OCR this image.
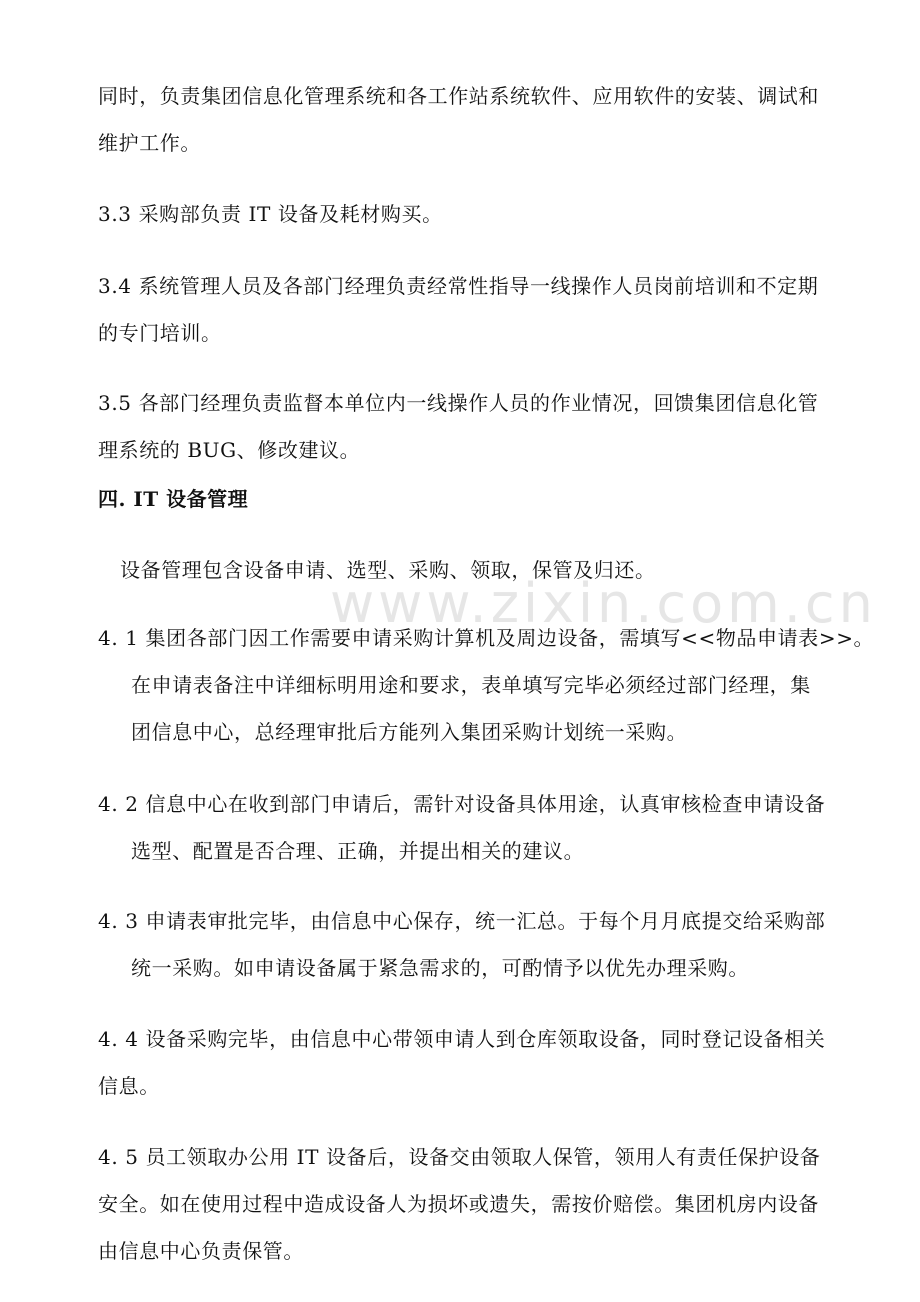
www.zixin.com.cn

同时，负责集团信息化管理系统和各工作站系统软件、应用软件的安装、调试和
维护工作。

3.3 采购部负责 IT 设备及耗材购买。

3.4 系统管理人员及各部门经理负责经常性指导一线操作人员岗前培训和不定期
的专门培训。

3.5 各部门经理负责监督本单位内一线操作人员的作业情况，回馈集团信息化管
理系统的 BUG、修改建议。

四. IT 设备管理

设备管理包含设备申请、选型、采购、领取，保管及归还。

4. 1 集团各部门因工作需要申请采购计算机及周边设备，需填写<<物品申请表>>。
在申请表备注中详细标明用途和要求，表单填写完毕必须经过部门经理，集
团信息中心，总经理审批后方能列入集团采购计划统一采购。

4. 2 信息中心在收到部门申请后，需针对设备具体用途，认真审核检查申请设备
选型、配置是否合理、正确，并提出相关的建议。

4. 3 申请表审批完毕，由信息中心保存，统一汇总。于每个月月底提交给采购部
统一采购。如申请设备属于紧急需求的，可酌情予以优先办理采购。

4. 4 设备采购完毕，由信息中心带领申请人到仓库领取设备，同时登记设备相关
信息。

4. 5 员工领取办公用 IT 设备后，设备交由领取人保管，领用人有责任保护设备
安全。如在使用过程中造成设备人为损坏或遗失，需按价赔偿。集团机房内设备
由信息中心负责保管。
